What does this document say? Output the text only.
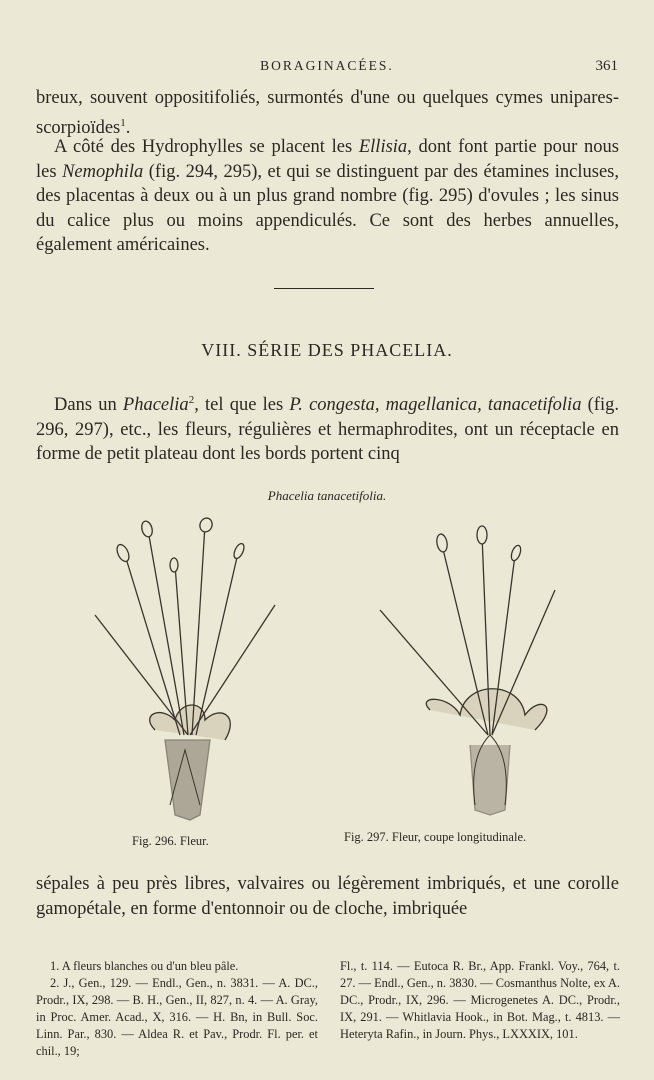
BORAGINACÉES.	361

breux, souvent oppositifoliés, surmontés d'une ou quelques cymes unipares-scorpioïdes$^1$.

A côté des Hydrophylles se placent les Ellisia, dont font partie pour nous les Nemophila (fig. 294, 295), et qui se distinguent par des étamines incluses, des placentas à deux ou à un plus grand nombre (fig. 295) d'ovules ; les sinus du calice plus ou moins appendiculés. Ce sont des herbes annuelles, également américaines.

VIII. SÉRIE DES PHACELIA.

Dans un Phacelia$^2$, tel que les P. congesta, magellanica, tanacetifolia (fig. 296, 297), etc., les fleurs, régulières et hermaphrodites, ont un réceptacle en forme de petit plateau dont les bords portent cinq

Phacelia tanacetifolia.
Fig. 296. Fleur.	Fig. 297. Fleur, coupe longitudinale.

sépales à peu près libres, valvaires ou légèrement imbriqués, et une corolle gamopétale, en forme d'entonnoir ou de cloche, imbriquée

1. A fleurs blanches ou d'un bleu pâle.

2. J., Gen., 129. — Endl., Gen., n. 3831. — A. DC., Prodr., IX, 298. — B. H., Gen., II, 827, n. 4. — A. Gray, in Proc. Amer. Acad., X, 316. — H. Bn, in Bull. Soc. Linn. Par., 830. — Aldea R. et Pav., Prodr. Fl. per. et chil., 19;

Fl., t. 114. — Eutoca R. Br., App. Frankl. Voy., 764, t. 27. — Endl., Gen., n. 3830. — Cosmanthus Nolte, ex A. DC., Prodr., IX, 296. — Microgenetes A. DC., Prodr., IX, 291. — Whitlavia Hook., in Bot. Mag., t. 4813. — Heteryta Rafin., in Journ. Phys., LXXXIX, 101.
